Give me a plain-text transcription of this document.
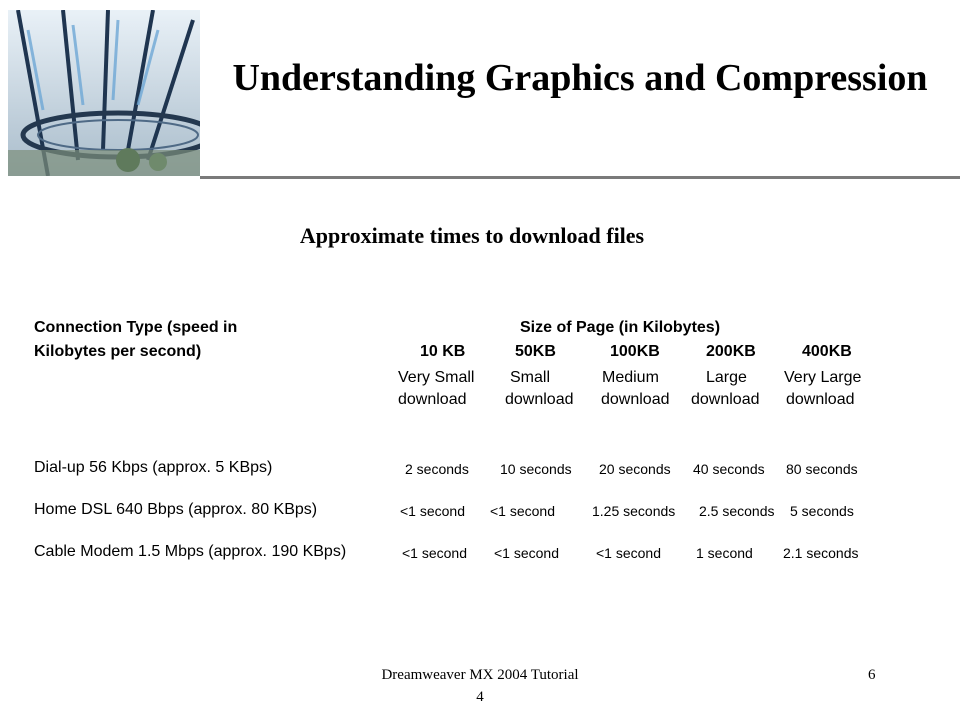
Understanding Graphics and Compression
Approximate times to download files
Connection Type (speed in
Kilobytes per second)
Size of Page (in Kilobytes)
10 KB	50KB	100KB	200KB	400KB
Very Small
download
Small
download
Medium
download
Large
download
Very Large
download
Dial-up 56 Kbps (approx. 5 KBps)	2 seconds 10 seconds 20 seconds 40 seconds 80 seconds
Home DSL 640 Bbps (approx. 80 KBps)	<1 second <1 second	1.25 seconds 2.5 seconds 5 seconds
Cable Modem 1.5 Mbps (approx. 190 KBps)	<1 second <1 second	<1 second	1 second 2.1 seconds
Dreamweaver MX 2004 Tutorial 4
6
